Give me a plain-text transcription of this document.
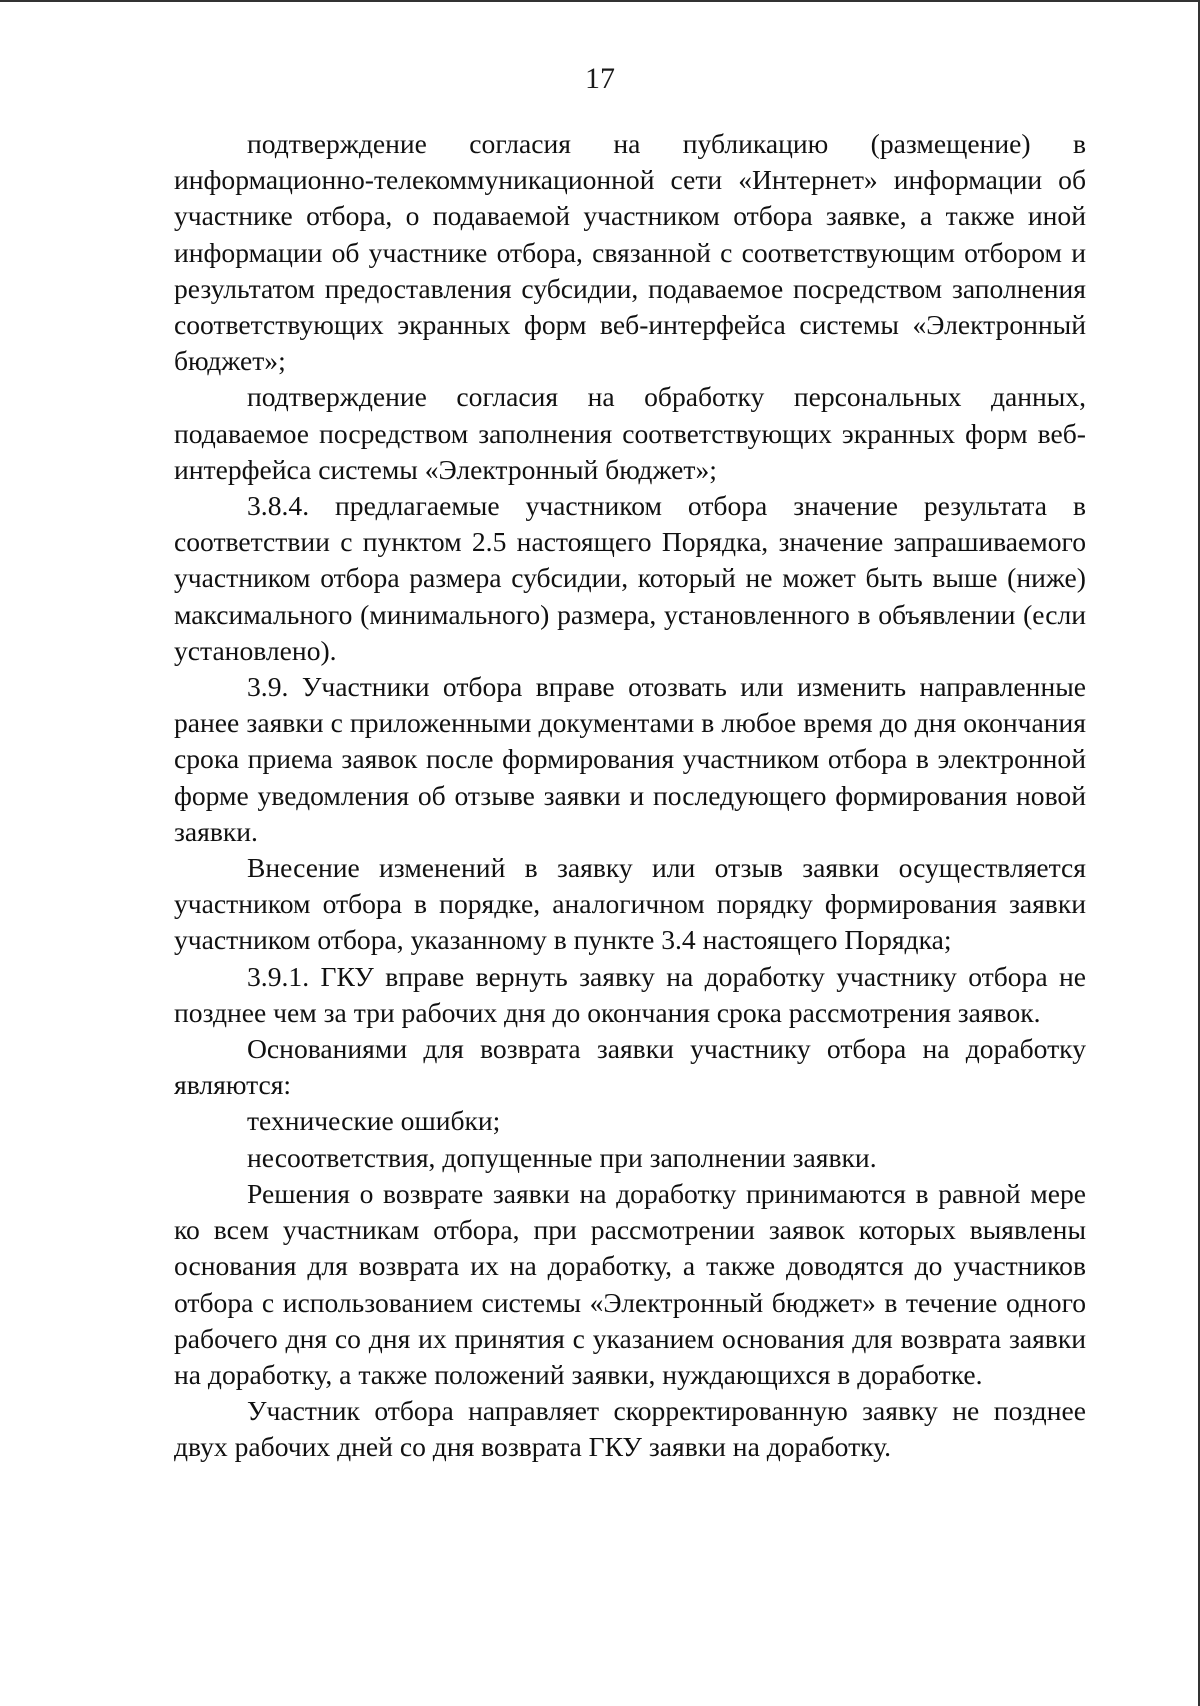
17

подтверждение согласия на публикацию (размещение) в информационно-телекоммуникационной сети «Интернет» информации об участнике отбора, о подаваемой участником отбора заявке, а также иной информации об участнике отбора, связанной с соответствующим отбором и результатом предоставления субсидии, подаваемое посредством заполнения соответствующих экранных форм веб-интерфейса системы «Электронный бюджет»;

подтверждение согласия на обработку персональных данных, подаваемое посредством заполнения соответствующих экранных форм веб-интерфейса системы «Электронный бюджет»;

3.8.4. предлагаемые участником отбора значение результата в соответствии с пунктом 2.5 настоящего Порядка, значение запрашиваемого участником отбора размера субсидии, который не может быть выше (ниже) максимального (минимального) размера, установленного в объявлении (если установлено).

3.9. Участники отбора вправе отозвать или изменить направленные ранее заявки с приложенными документами в любое время до дня окончания срока приема заявок после формирования участником отбора в электронной форме уведомления об отзыве заявки и последующего формирования новой заявки.

Внесение изменений в заявку или отзыв заявки осуществляется участником отбора в порядке, аналогичном порядку формирования заявки участником отбора, указанному в пункте 3.4 настоящего Порядка;

3.9.1. ГКУ вправе вернуть заявку на доработку участнику отбора не позднее чем за три рабочих дня до окончания срока рассмотрения заявок.

Основаниями для возврата заявки участнику отбора на доработку являются:

технические ошибки;

несоответствия, допущенные при заполнении заявки.

Решения о возврате заявки на доработку принимаются в равной мере ко всем участникам отбора, при рассмотрении заявок которых выявлены основания для возврата их на доработку, а также доводятся до участников отбора с использованием системы «Электронный бюджет» в течение одного рабочего дня со дня их принятия с указанием основания для возврата заявки на доработку, а также положений заявки, нуждающихся в доработке.

Участник отбора направляет скорректированную заявку не позднее двух рабочих дней со дня возврата ГКУ заявки на доработку.
